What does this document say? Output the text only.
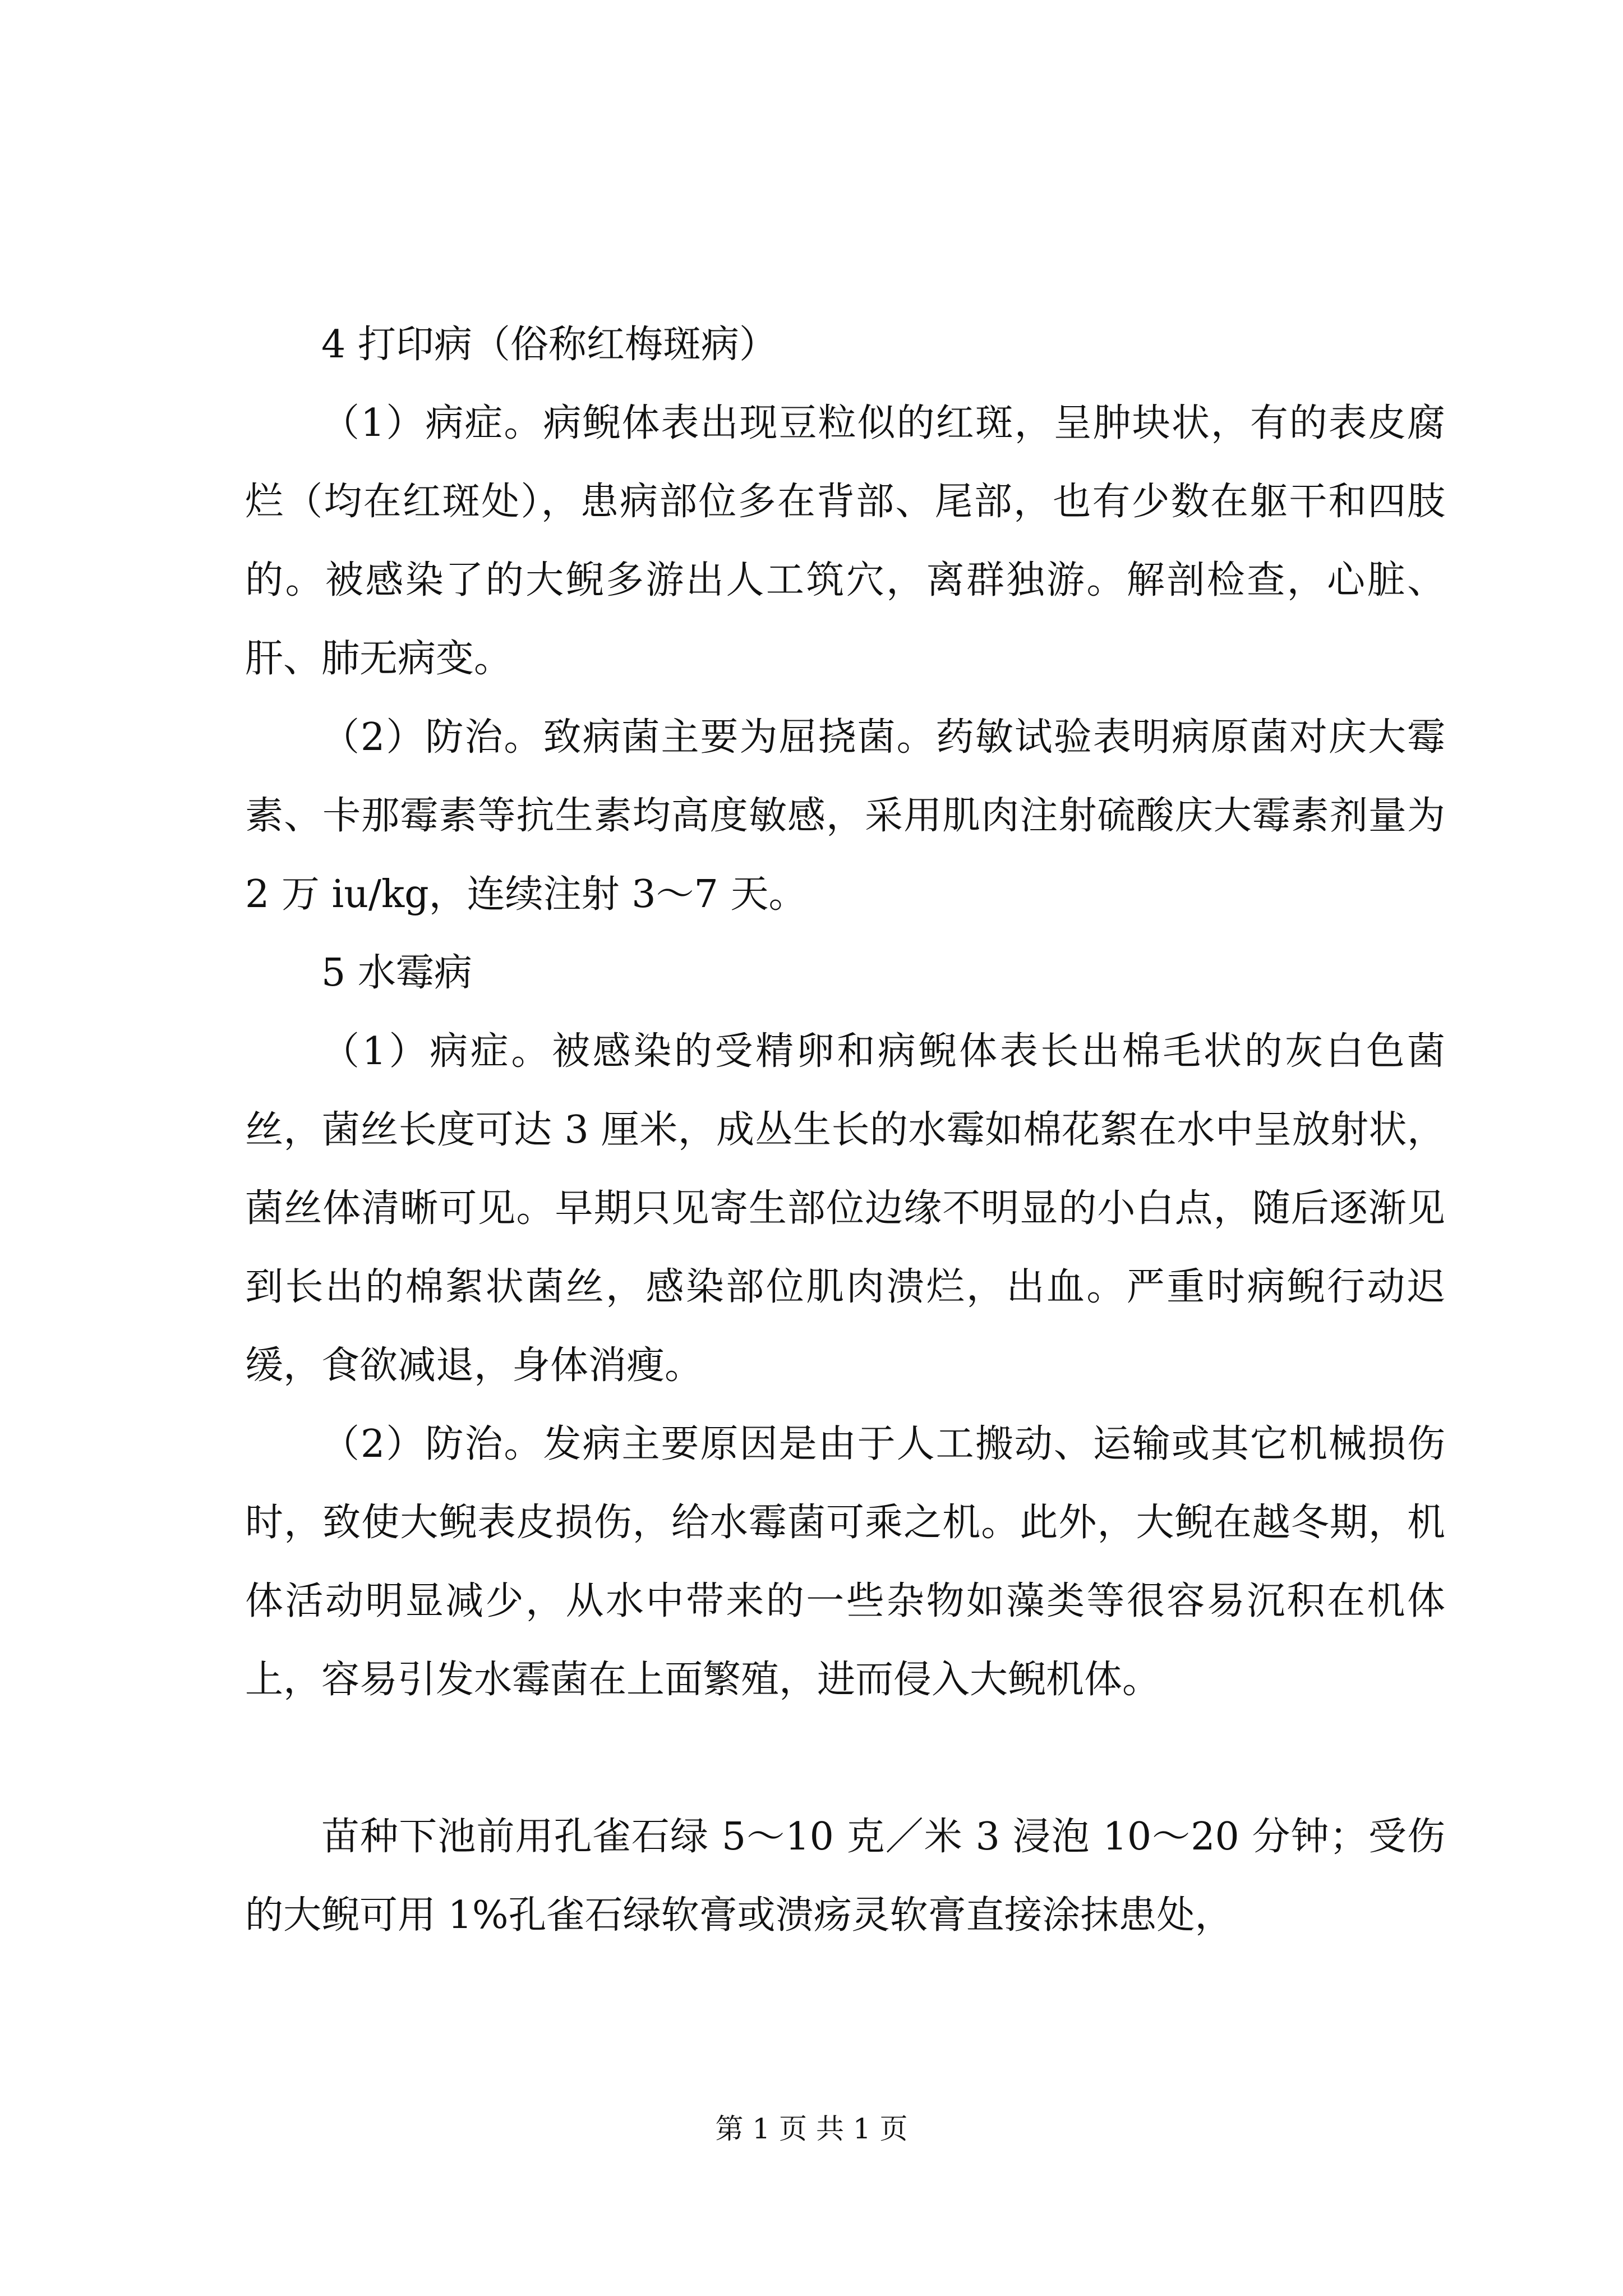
4 打印病（俗称红梅斑病）

（1）病症。病鲵体表出现豆粒似的红斑，呈肿块状，有的表皮腐烂（均在红斑处），患病部位多在背部、尾部，也有少数在躯干和四肢的。被感染了的大鲵多游出人工筑穴，离群独游。解剖检查，心脏、肝、肺无病变。

（2）防治。致病菌主要为屈挠菌。药敏试验表明病原菌对庆大霉素、卡那霉素等抗生素均高度敏感，采用肌肉注射硫酸庆大霉素剂量为 2 万 iu/kg，连续注射 3～7 天。

5 水霉病

（1）病症。被感染的受精卵和病鲵体表长出棉毛状的灰白色菌丝，菌丝长度可达 3 厘米，成丛生长的水霉如棉花絮在水中呈放射状，菌丝体清晰可见。早期只见寄生部位边缘不明显的小白点，随后逐渐见到长出的棉絮状菌丝，感染部位肌肉溃烂，出血。严重时病鲵行动迟缓，食欲减退，身体消瘦。

（2）防治。发病主要原因是由于人工搬动、运输或其它机械损伤时，致使大鲵表皮损伤，给水霉菌可乘之机。此外，大鲵在越冬期，机体活动明显减少，从水中带来的一些杂物如藻类等很容易沉积在机体上，容易引发水霉菌在上面繁殖，进而侵入大鲵机体。

苗种下池前用孔雀石绿 5～10 克／米 3 浸泡 10～20 分钟；受伤的大鲵可用 1%孔雀石绿软膏或溃疡灵软膏直接涂抹患处，

第 1 页 共 1 页
